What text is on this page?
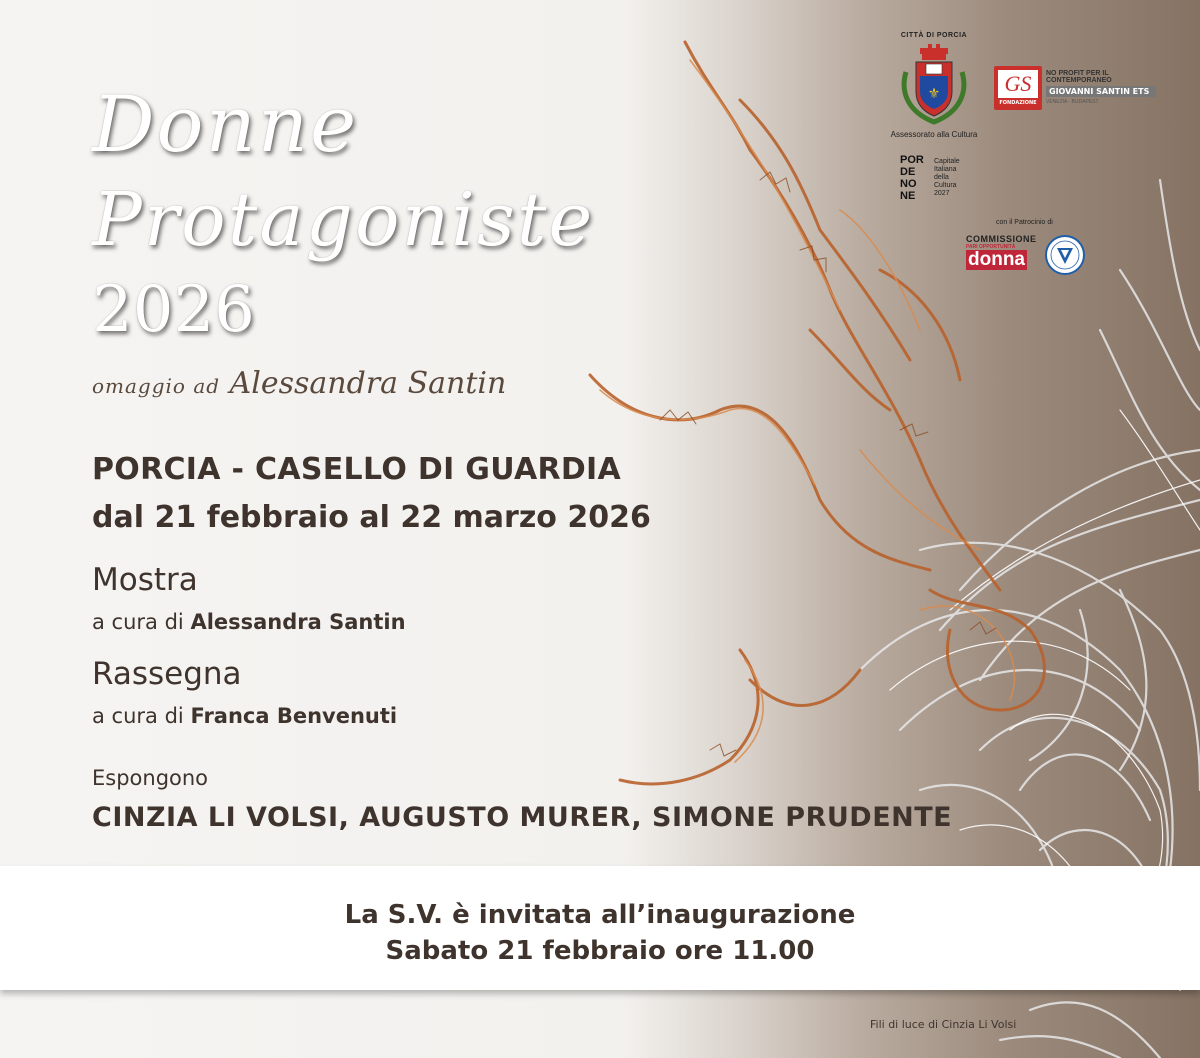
Donne
Protagoniste
2026
omaggio ad Alessandra Santin
PORCIA - CASELLO DI GUARDIA
dal 21 febbraio al 22 marzo 2026
Mostra
a cura di Alessandra Santin
Rassegna
a cura di Franca Benvenuti
Espongono
CINZIA LI VOLSI, AUGUSTO MURER, SIMONE PRUDENTE
La S.V. è invitata all’inaugurazione
Sabato 21 febbraio ore 11.00
Fili di luce di Cinzia Li Volsi
CITTÀ DI PORCIA
⚜
Assessorato alla Cultura
GS
FONDAZIONE
NO PROFIT PER IL CONTEMPORANEO
GIOVANNI SANTIN ETS
VENEZIA · BUDAPEST
POR
DE
NO
NE
Capitale
Italiana
della
Cultura
2027
con il Patrocinio di
COMMISSIONE
PARI OPPORTUNITÀ
donna
